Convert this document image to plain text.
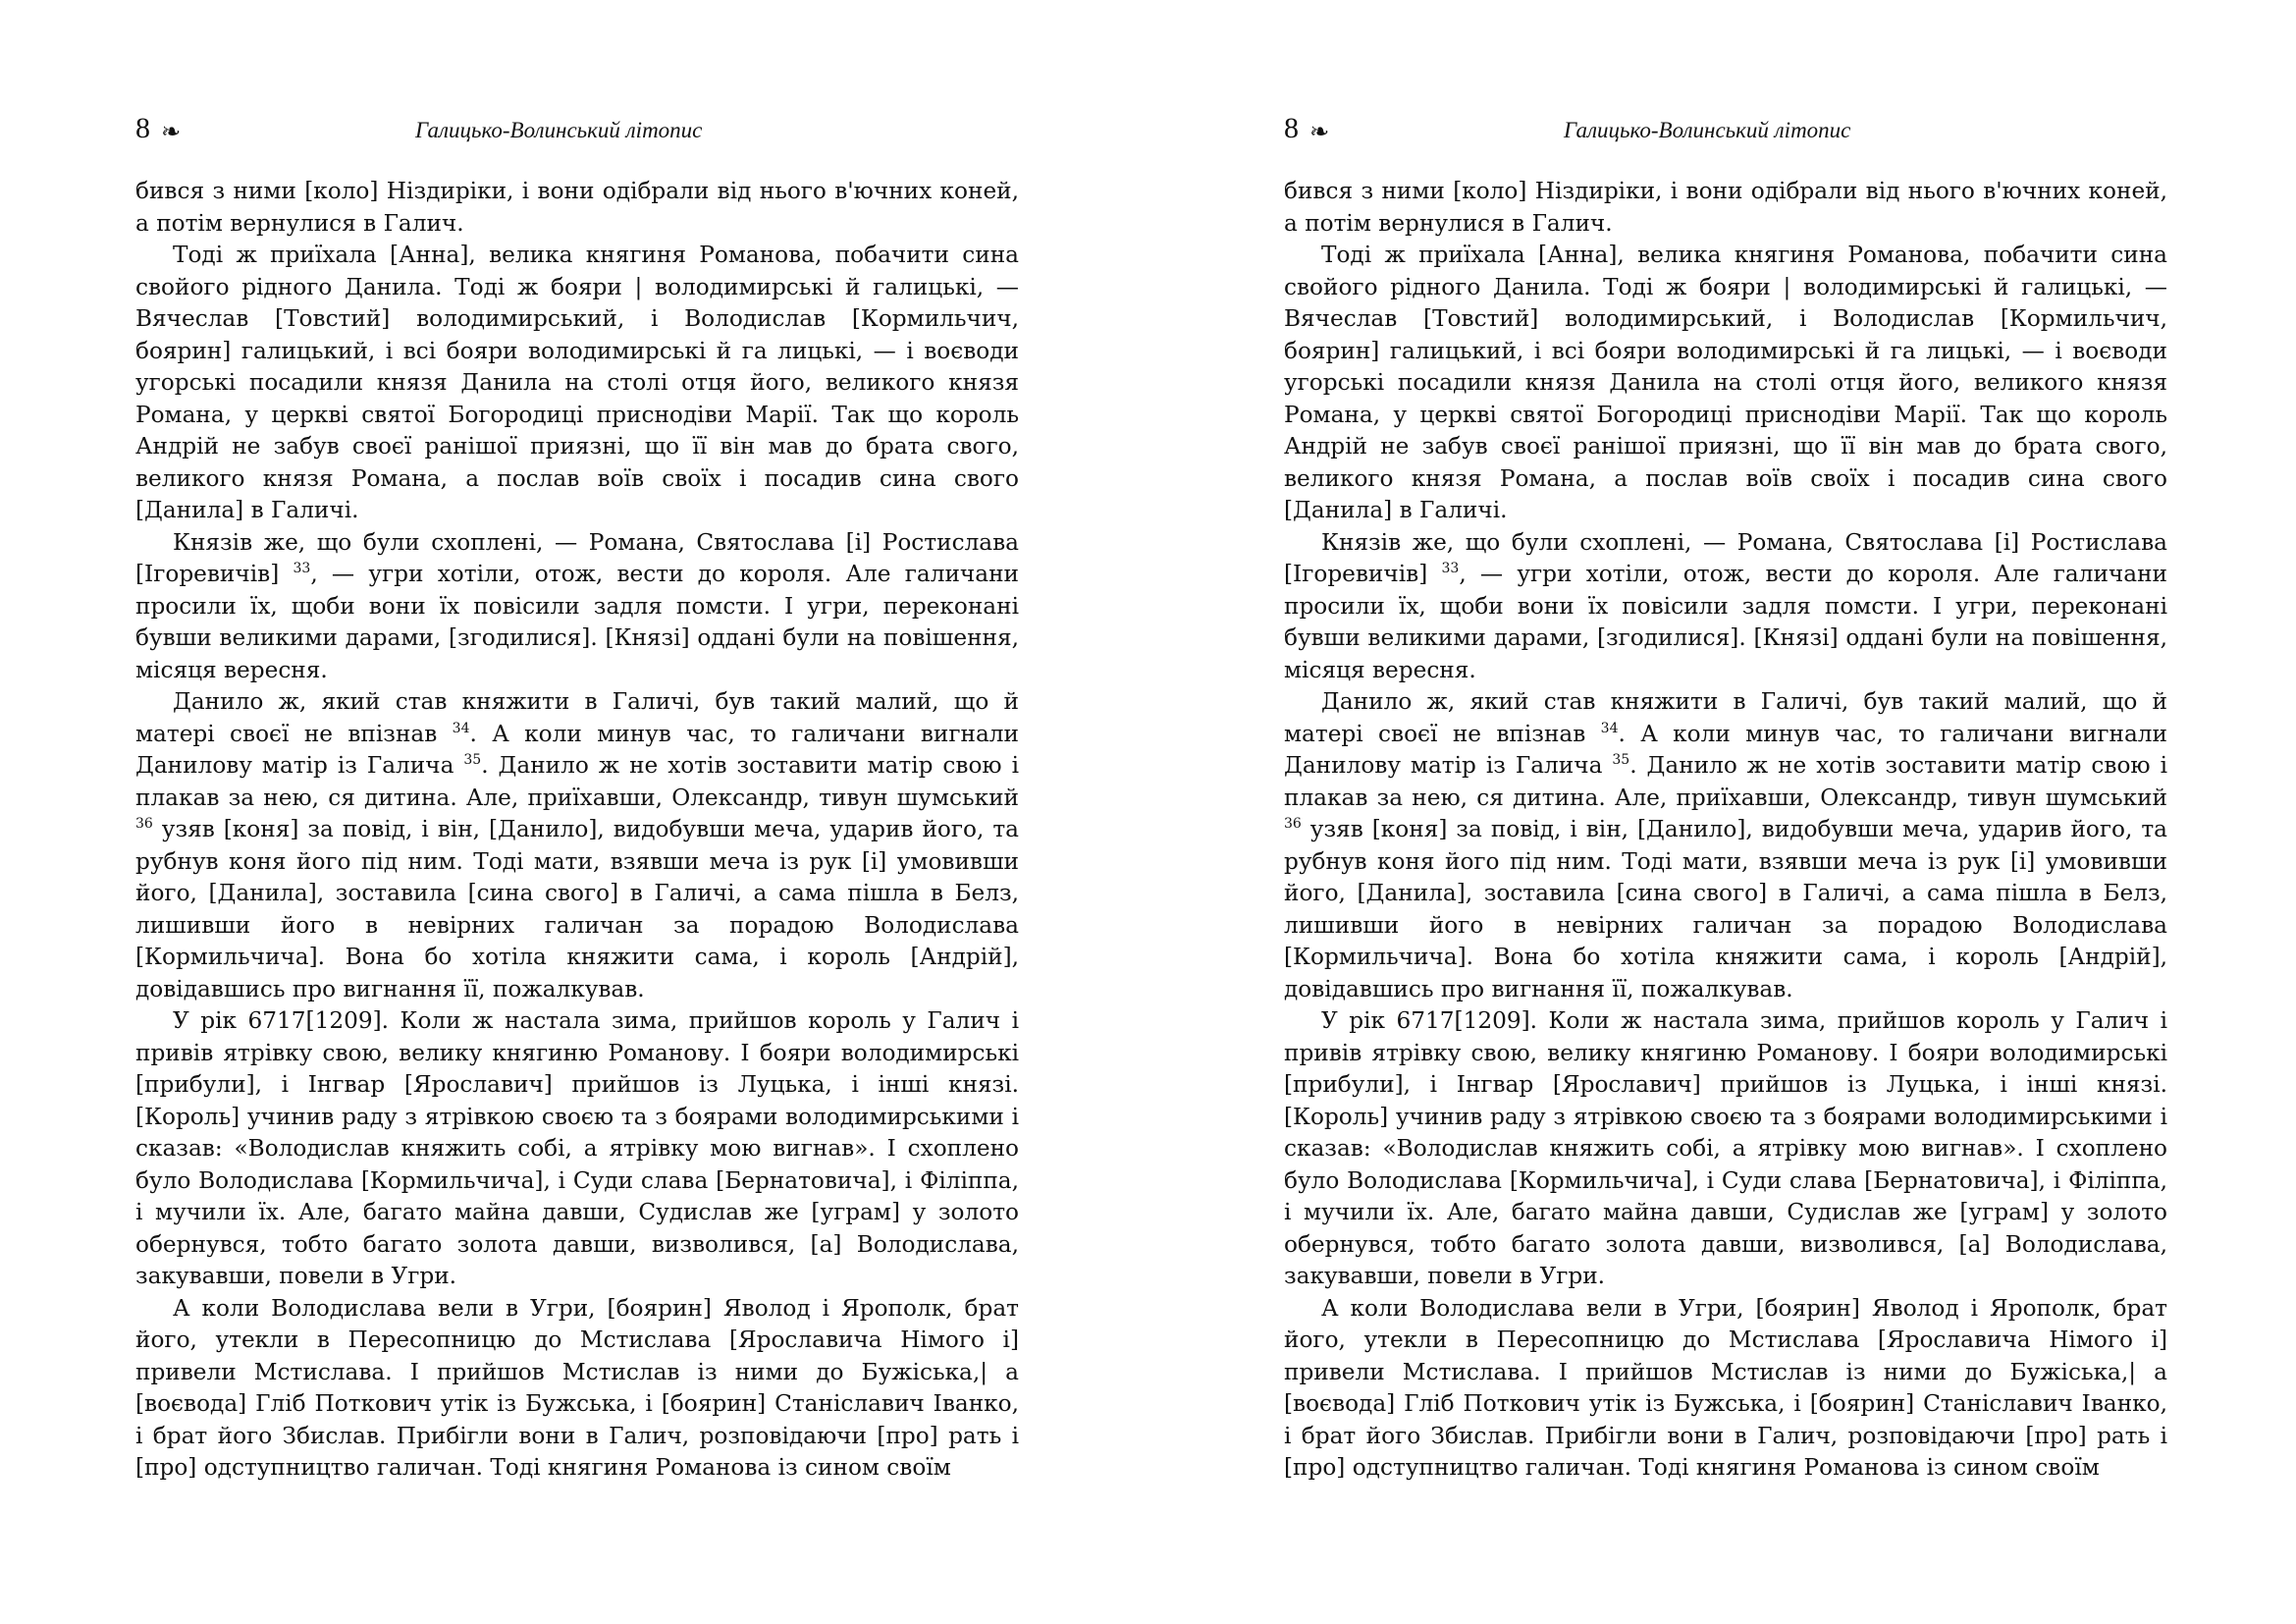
8 ❧	Галицько-Волинський літопис

бився з ними [коло] Ніздиріки, і вони одібрали від нього в'ючних коней, а потім вернулися в Галич.

Тоді ж приїхала [Анна], велика княгиня Романова, побачити сина свойого рідного Данила. Тоді ж бояри | володимирські й галицькі, — Вячеслав [Товстий] володимирський, і Володислав [Кормильчич, боярин] галицький, і всі бояри володимирські й га лицькі, — і воєводи угорські посадили князя Данила на столі отця його, великого князя Романа, у церкві святої Богородиці приснодіви Марії. Так що король Андрій не забув своєї ранішої приязні, що її він мав до брата свого, великого князя Романа, а послав воїв своїх і посадив сина свого [Данила] в Галичі.

Князів же, що були схоплені, — Романа, Святослава [і] Ростислава [Ігоревичів] $^{33}$, — угри хотіли, отож, вести до короля. Але галичани просили їх, щоби вони їх повісили задля помсти. І угри, переконані бувши великими дарами, [згодилися]. [Князі] оддані були на повішення, місяця вересня.

Данило ж, який став княжити в Галичі, був такий малий, що й матері своєї не впізнав $^{34}$. А коли минув час, то галичани вигнали Данилову матір із Галича $^{35}$. Данило ж не хотів зоставити матір свою і плакав за нею, ся дитина. Але, приїхавши, Олександр, тивун шумський $^{36}$ узяв [коня] за повід, і він, [Данило], видобувши меча, ударив його, та рубнув коня його під ним. Тоді мати, взявши меча із рук [і] умовивши його, [Данила], зоставила [сина свого] в Галичі, а сама пішла в Белз, лишивши його в невірних галичан за порадою Володислава [Кормильчича]. Вона бо хотіла княжити сама, і король [Андрій], довідавшись про вигнання її, пожалкував.

У рік 6717[1209]. Коли ж настала зима, прийшов король у Галич і привів ятрівку свою, велику княгиню Романову. І бояри володимирські [прибули], і Інгвар [Ярославич] прийшов із Луцька, і інші князі. [Король] учинив раду з ятрівкою своєю та з боярами володимирськими і сказав: «Володислав княжить собі, а ятрівку мою вигнав». І схоплено було Володислава [Кормильчича], і Суди слава [Бернатовича], і Філіппа, і мучили їх. Але, багато майна давши, Судислав же [уграм] у золото обернувся, тобто багато золота давши, визволився, [а] Володислава, закувавши, повели в Угри.

А коли Володислава вели в Угри, [боярин] Яволод і Ярополк, брат його, утекли в Пересопницю до Мстислава [Ярославича Німого і] привели Мстислава. І прийшов Мстислав із ними до Бужіська,| а [воєвода] Гліб Поткович утік із Бужська, і [боярин] Станіславич Іванко, і брат його Збислав. Прибігли вони в Галич, розповідаючи [про] рать і [про] одступництво галичан. Тоді княгиня Романова із сином своїм

8 ❧	Галицько-Волинський літопис

бився з ними [коло] Ніздиріки, і вони одібрали від нього в'ючних коней, а потім вернулися в Галич.

Тоді ж приїхала [Анна], велика княгиня Романова, побачити сина свойого рідного Данила. Тоді ж бояри | володимирські й галицькі, — Вячеслав [Товстий] володимирський, і Володислав [Кормильчич, боярин] галицький, і всі бояри володимирські й га лицькі, — і воєводи угорські посадили князя Данила на столі отця його, великого князя Романа, у церкві святої Богородиці приснодіви Марії. Так що король Андрій не забув своєї ранішої приязні, що її він мав до брата свого, великого князя Романа, а послав воїв своїх і посадив сина свого [Данила] в Галичі.

Князів же, що були схоплені, — Романа, Святослава [і] Ростислава [Ігоревичів] $^{33}$, — угри хотіли, отож, вести до короля. Але галичани просили їх, щоби вони їх повісили задля помсти. І угри, переконані бувши великими дарами, [згодилися]. [Князі] оддані були на повішення, місяця вересня.

Данило ж, який став княжити в Галичі, був такий малий, що й матері своєї не впізнав $^{34}$. А коли минув час, то галичани вигнали Данилову матір із Галича $^{35}$. Данило ж не хотів зоставити матір свою і плакав за нею, ся дитина. Але, приїхавши, Олександр, тивун шумський $^{36}$ узяв [коня] за повід, і він, [Данило], видобувши меча, ударив його, та рубнув коня його під ним. Тоді мати, взявши меча із рук [і] умовивши його, [Данила], зоставила [сина свого] в Галичі, а сама пішла в Белз, лишивши його в невірних галичан за порадою Володислава [Кормильчича]. Вона бо хотіла княжити сама, і король [Андрій], довідавшись про вигнання її, пожалкував.

У рік 6717[1209]. Коли ж настала зима, прийшов король у Галич і привів ятрівку свою, велику княгиню Романову. І бояри володимирські [прибули], і Інгвар [Ярославич] прийшов із Луцька, і інші князі. [Король] учинив раду з ятрівкою своєю та з боярами володимирськими і сказав: «Володислав княжить собі, а ятрівку мою вигнав». І схоплено було Володислава [Кормильчича], і Суди слава [Бернатовича], і Філіппа, і мучили їх. Але, багато майна давши, Судислав же [уграм] у золото обернувся, тобто багато золота давши, визволився, [а] Володислава, закувавши, повели в Угри.

А коли Володислава вели в Угри, [боярин] Яволод і Ярополк, брат його, утекли в Пересопницю до Мстислава [Ярославича Німого і] привели Мстислава. І прийшов Мстислав із ними до Бужіська,| а [воєвода] Гліб Поткович утік із Бужська, і [боярин] Станіславич Іванко, і брат його Збислав. Прибігли вони в Галич, розповідаючи [про] рать і [про] одступництво галичан. Тоді княгиня Романова із сином своїм
